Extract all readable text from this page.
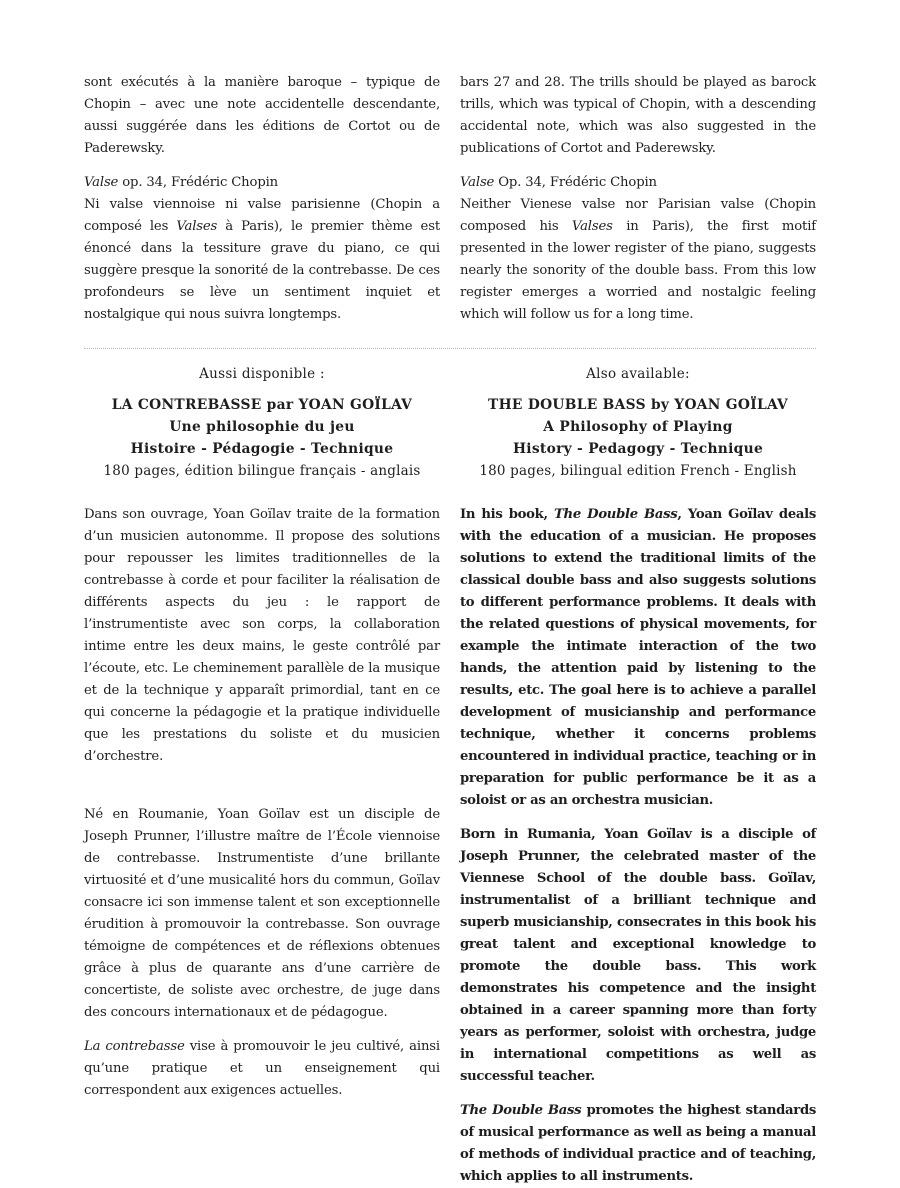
sont exécutés à la manière baroque – typique de Chopin – avec une note accidentelle descendante, aussi suggérée dans les éditions de Cortot ou de Paderewsky.

Valse op. 34, Frédéric Chopin

Ni valse viennoise ni valse parisienne (Chopin a composé les Valses à Paris), le premier thème est énoncé dans la tessiture grave du piano, ce qui suggère presque la sonorité de la contrebasse. De ces profondeurs se lève un sentiment inquiet et nostalgique qui nous suivra longtemps.

bars 27 and 28. The trills should be played as barock trills, which was typical of Chopin, with a descending accidental note, which was also suggested in the publications of Cortot and Paderewsky.

Valse Op. 34, Frédéric Chopin

Neither Vienese valse nor Parisian valse (Chopin composed his Valses in Paris), the first motif presented in the lower register of the piano, suggests nearly the sonority of the double bass. From this low register emerges a worried and nostalgic feeling which will follow us for a long time.

Aussi disponible :
LA CONTREBASSE par YOAN GOÏLAV
Une philosophie du jeu
Histoire - Pédagogie - Technique
180 pages, édition bilingue français - anglais

Dans son ouvrage, Yoan Goïlav traite de la formation d’un musicien autonomme. Il propose des solutions pour repousser les limites traditionnelles de la contrebasse à corde et pour faciliter la réalisation de différents aspects du jeu : le rapport de l’instrumentiste avec son corps, la collaboration intime entre les deux mains, le geste contrôlé par l’écoute, etc. Le cheminement parallèle de la musique et de la technique y apparaît primordial, tant en ce qui concerne la pédagogie et la pratique individuelle que les prestations du soliste et du musicien d’orchestre.

Né en Roumanie, Yoan Goïlav est un disciple de Joseph Prunner, l’illustre maître de l’École viennoise de contrebasse. Instrumentiste d’une brillante virtuosité et d’une musicalité hors du commun, Goïlav consacre ici son immense talent et son exceptionnelle érudition à promouvoir la contrebasse. Son ouvrage témoigne de compétences et de réflexions obtenues grâce à plus de quarante ans d’une carrière de concertiste, de soliste avec orchestre, de juge dans des concours internationaux et de pédagogue.

La contrebasse vise à promouvoir le jeu cultivé, ainsi qu’une pratique et un enseignement qui correspondent aux exigences actuelles.

Also available:
THE DOUBLE BASS by YOAN GOÏLAV
A Philosophy of Playing
History - Pedagogy - Technique
180 pages, bilingual edition French - English

In his book, The Double Bass, Yoan Goïlav deals with the education of a musician. He proposes solutions to extend the traditional limits of the classical double bass and also suggests solutions to different performance problems. It deals with the related questions of physical movements, for example the intimate interaction of the two hands, the attention paid by listening to the results, etc. The goal here is to achieve a parallel development of musicianship and performance technique, whether it concerns problems encountered in individual practice, teaching or in preparation for public performance be it as a soloist or as an orchestra musician.

Born in Rumania, Yoan Goïlav is a disciple of Joseph Prunner, the celebrated master of the Viennese School of the double bass. Goïlav, instrumentalist of a brilliant technique and superb musicianship, consecrates in this book his great talent and exceptional knowledge to promote the double bass. This work demonstrates his competence and the insight obtained in a career spanning more than forty years as performer, soloist with orchestra, judge in international competitions as well as successful teacher.

The Double Bass promotes the highest standards of musical performance as well as being a manual of methods of individual practice and of teaching, which applies to all instruments.
